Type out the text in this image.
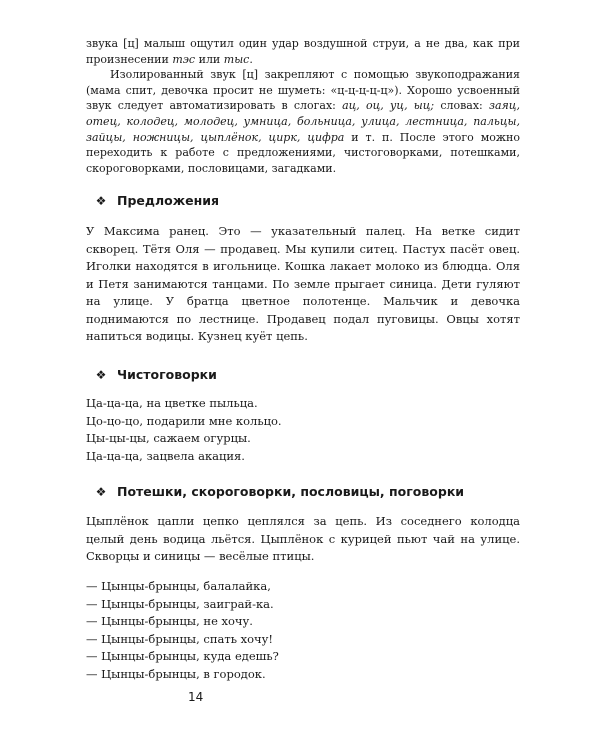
звука [ц] малыш ощутил один удар воздушной струи, а не два, как при произнесении тэс или тыс.

Изолированный звук [ц] закрепляют с помощью звукоподражания (мама спит, девочка просит не шуметь: «ц-ц-ц-ц-ц»). Хорошо усвоенный звук следует автоматизировать в слогах: ац, оц, уц, ыц; словах: заяц, отец, колодец, молодец, умница, больница, улица, лестница, пальцы, зайцы, ножницы, цыплёнок, цирк, цифра и т. п. После этого можно переходить к работе с предложениями, чистоговорками, потешками, скороговорками, пословицами, загадками.

❖ Предложения

У Максима ранец. Это — указательный палец. На ветке сидит скворец. Тётя Оля — продавец. Мы купили ситец. Пастух пасёт овец. Иголки находятся в игольнице. Кошка лакает молоко из блюдца. Оля и Петя занимаются танцами. По земле прыгает синица. Дети гуляют на улице. У братца цветное полотенце. Мальчик и девочка поднимаются по лестнице. Продавец подал пуговицы. Овцы хотят напиться водицы. Кузнец куёт цепь.

❖ Чистоговорки

Ца-ца-ца, на цветке пыльца.

Цо-цо-цо, подарили мне кольцо.

Цы-цы-цы, сажаем огурцы.

Ца-ца-ца, зацвела акация.

❖ Потешки, скороговорки, пословицы, поговорки

Цыплёнок цапли цепко цеплялся за цепь. Из соседнего колодца целый день водица льётся. Цыплёнок с курицей пьют чай на улице. Скворцы и синицы — весёлые птицы.

— Цынцы-брынцы, балалайка,

— Цынцы-брынцы, заиграй-ка.

— Цынцы-брынцы, не хочу.

— Цынцы-брынцы, спать хочу!

— Цынцы-брынцы, куда едешь?

— Цынцы-брынцы, в городок.

14
